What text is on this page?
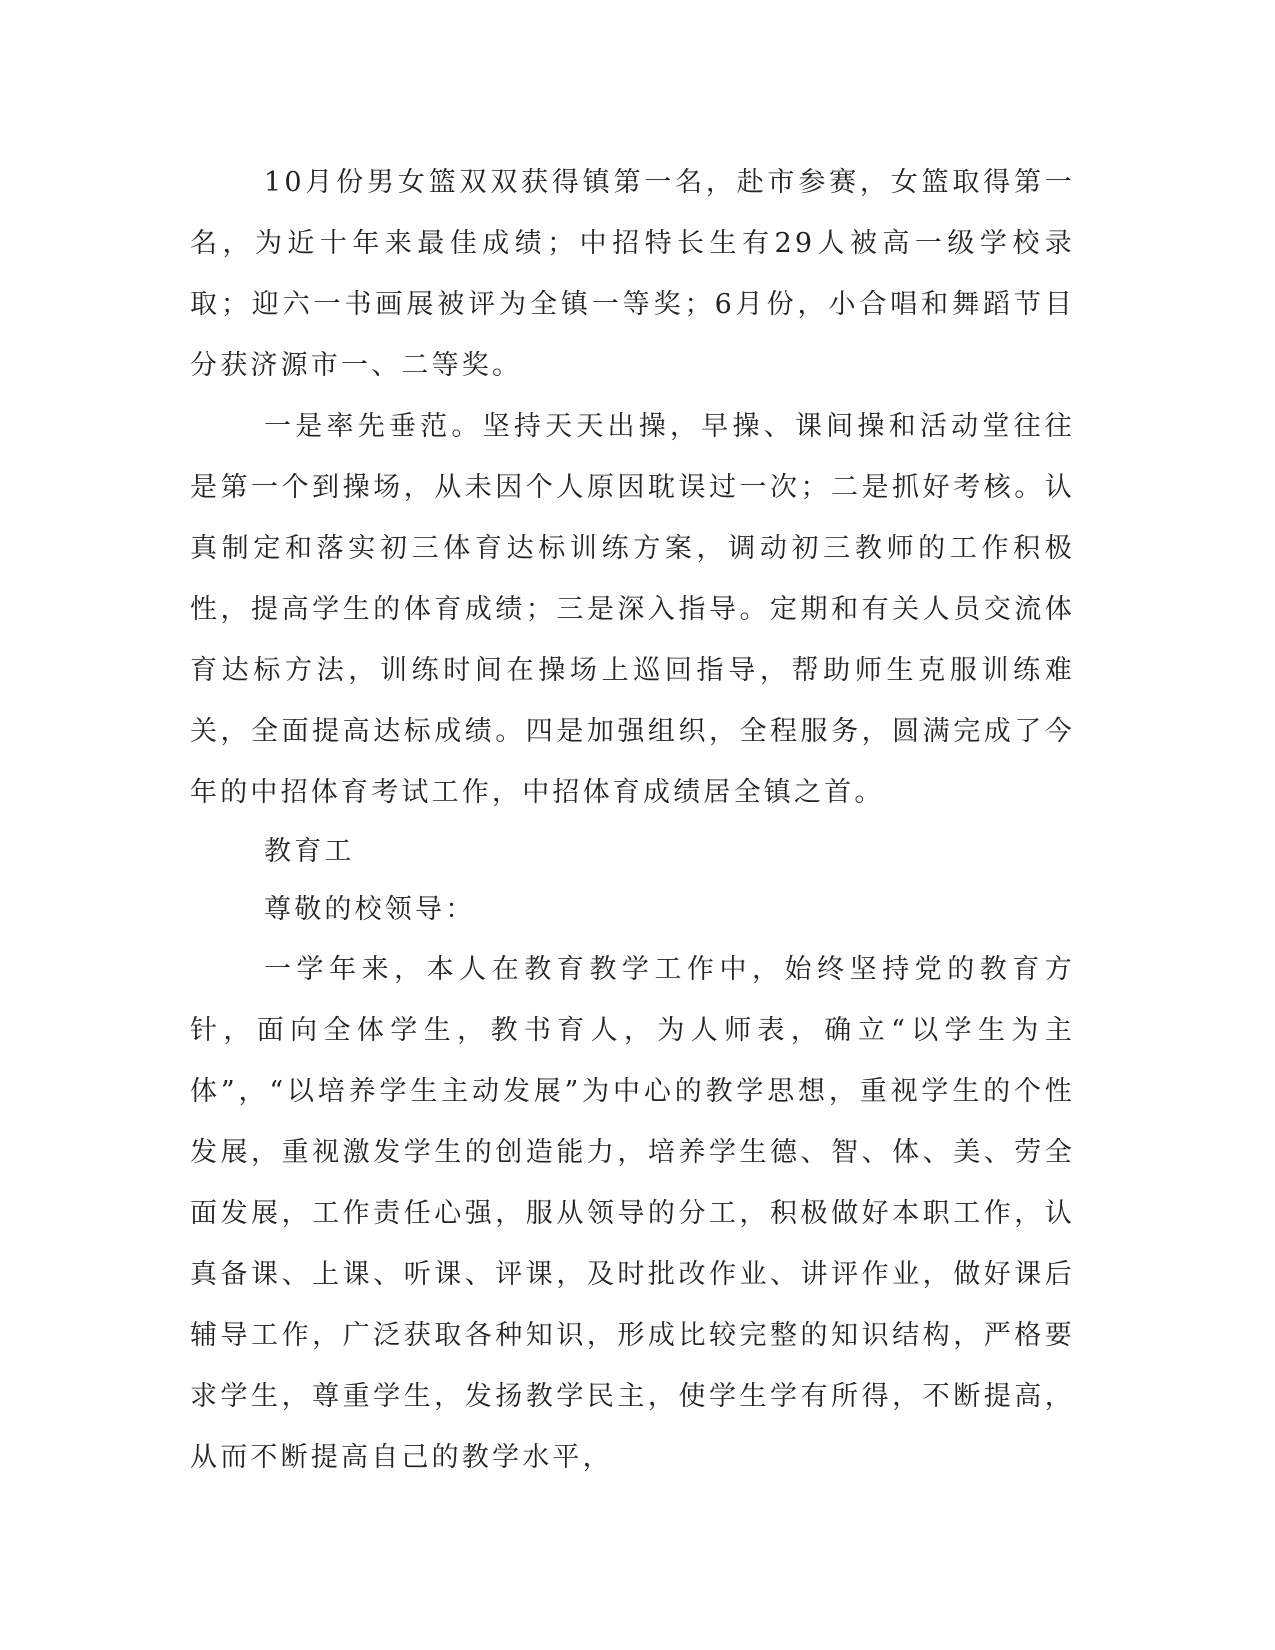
10月份男女篮双双获得镇第一名，赴市参赛，女篮取得第一名，为近十年来最佳成绩；中招特长生有29人被高一级学校录取；迎六一书画展被评为全镇一等奖；6月份，小合唱和舞蹈节目分获济源市一、二等奖。

一是率先垂范。坚持天天出操，早操、课间操和活动堂往往是第一个到操场，从未因个人原因耽误过一次；二是抓好考核。认真制定和落实初三体育达标训练方案，调动初三教师的工作积极性，提高学生的体育成绩；三是深入指导。定期和有关人员交流体育达标方法，训练时间在操场上巡回指导，帮助师生克服训练难关，全面提高达标成绩。四是加强组织，全程服务，圆满完成了今年的中招体育考试工作，中招体育成绩居全镇之首。

教育工

尊敬的校领导：

一学年来，本人在教育教学工作中，始终坚持党的教育方针，面向全体学生，教书育人，为人师表，确立“以学生为主体”，“以培养学生主动发展”为中心的教学思想，重视学生的个性发展，重视激发学生的创造能力，培养学生德、智、体、美、劳全面发展，工作责任心强，服从领导的分工，积极做好本职工作，认真备课、上课、听课、评课，及时批改作业、讲评作业，做好课后辅导工作，广泛获取各种知识，形成比较完整的知识结构，严格要求学生，尊重学生，发扬教学民主，使学生学有所得，不断提高，从而不断提高自己的教学水平，
